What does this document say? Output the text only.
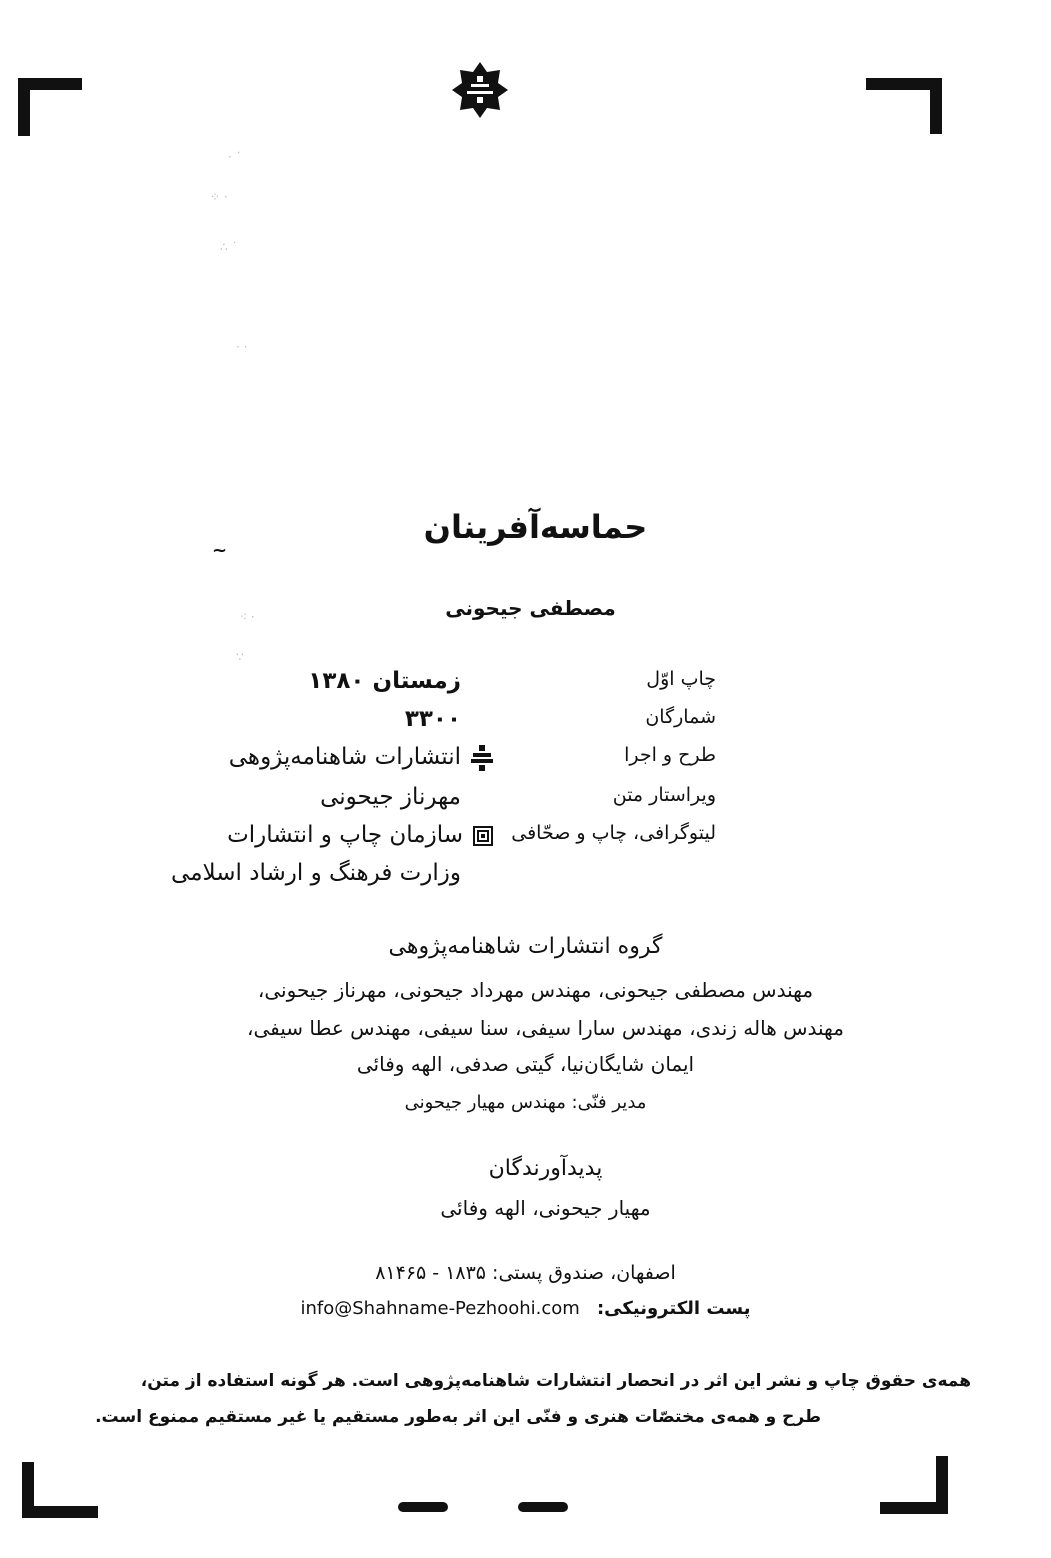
· ˙
⁘ ·
∴ ˙
· ·
⁖ ·
∵
~
حماسه‌آفرینان
مصطفی جیحونی
چاپ اوّل
زمستان ۱۳۸۰
شمارگان
۳۳۰۰
طرح و اجرا
انتشارات شاهنامه‌پژوهی
ویراستار متن
مهرناز جیحونی
لیتوگرافی، چاپ و صحّافی
سازمان چاپ و انتشارات
وزارت فرهنگ و ارشاد اسلامی
گروه انتشارات شاهنامه‌پژوهی
مهندس مصطفی جیحونی، مهندس مهرداد جیحونی، مهرناز جیحونی،
مهندس هاله زندی، مهندس سارا سیفی، سنا سیفی، مهندس عطا سیفی،
ایمان شایگان‌نیا، گیتی صدفی، الهه وفائی
مدیر فنّی: مهندس مهیار جیحونی
پدیدآورندگان
مهیار جیحونی، الهه وفائی
اصفهان، صندوق پستی: ۱۸۳۵ - ۸۱۴۶۵
info@Shahname-Pezhoohi.com پست الکترونیکی:
همه‌ی حقوق چاپ و نشر این اثر در انحصار انتشارات شاهنامه‌پژوهی است. هر گونه استفاده از متن،
طرح و همه‌ی مختصّات هنری و فنّی این اثر به‌طور مستقیم یا غیر مستقیم ممنوع است.
